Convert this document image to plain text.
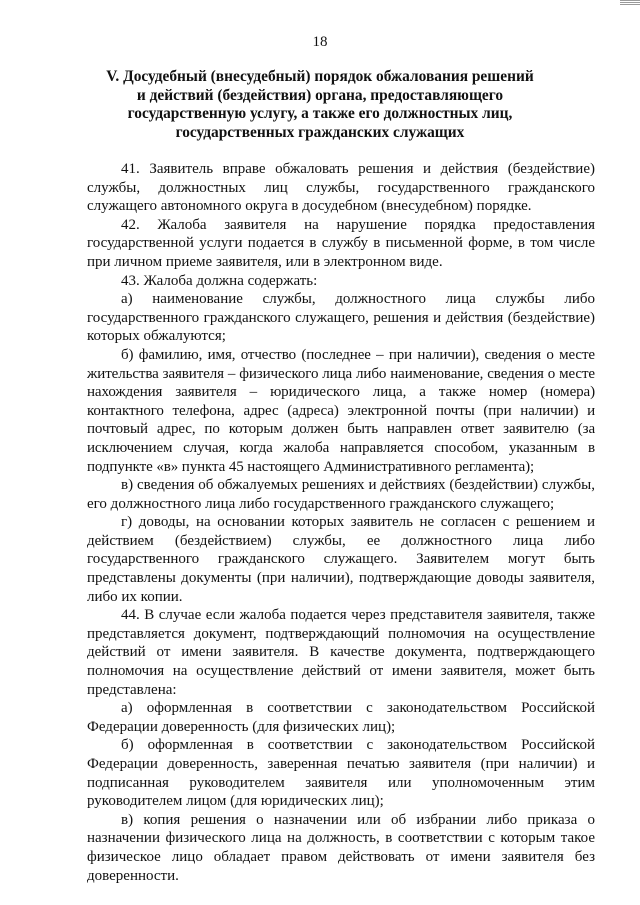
18
V. Досудебный (внесудебный) порядок обжалования решений
и действий (бездействия) органа, предоставляющего
государственную услугу, а также его должностных лиц,
государственных гражданских служащих

41. Заявитель вправе обжаловать решения и действия (бездействие) службы, должностных лиц службы, государственного гражданского служащего автономного округа в досудебном (внесудебном) порядке.

42. Жалоба заявителя на нарушение порядка предоставления государственной услуги подается в службу в письменной форме, в том числе при личном приеме заявителя, или в электронном виде.

43. Жалоба должна содержать:

а) наименование службы, должностного лица службы либо государственного гражданского служащего, решения и действия (бездействие) которых обжалуются;

б) фамилию, имя, отчество (последнее – при наличии), сведения о месте жительства заявителя – физического лица либо наименование, сведения о месте нахождения заявителя – юридического лица, а также номер (номера) контактного телефона, адрес (адреса) электронной почты (при наличии) и почтовый адрес, по которым должен быть направлен ответ заявителю (за исключением случая, когда жалоба направляется способом, указанным в подпункте «в» пункта 45 настоящего Административного регламента);

в) сведения об обжалуемых решениях и действиях (бездействии) службы, его должностного лица либо государственного гражданского служащего;

г) доводы, на основании которых заявитель не согласен с решением и действием (бездействием) службы, ее должностного лица либо государственного гражданского служащего. Заявителем могут быть представлены документы (при наличии), подтверждающие доводы заявителя, либо их копии.

44. В случае если жалоба подается через представителя заявителя, также представляется документ, подтверждающий полномочия на осуществление действий от имени заявителя. В качестве документа, подтверждающего полномочия на осуществление действий от имени заявителя, может быть представлена:

а) оформленная в соответствии с законодательством Российской Федерации доверенность (для физических лиц);

б) оформленная в соответствии с законодательством Российской Федерации доверенность, заверенная печатью заявителя (при наличии) и подписанная руководителем заявителя или уполномоченным этим руководителем лицом (для юридических лиц);

в) копия решения о назначении или об избрании либо приказа о назначении физического лица на должность, в соответствии с которым такое физическое лицо обладает правом действовать от имени заявителя без доверенности.
